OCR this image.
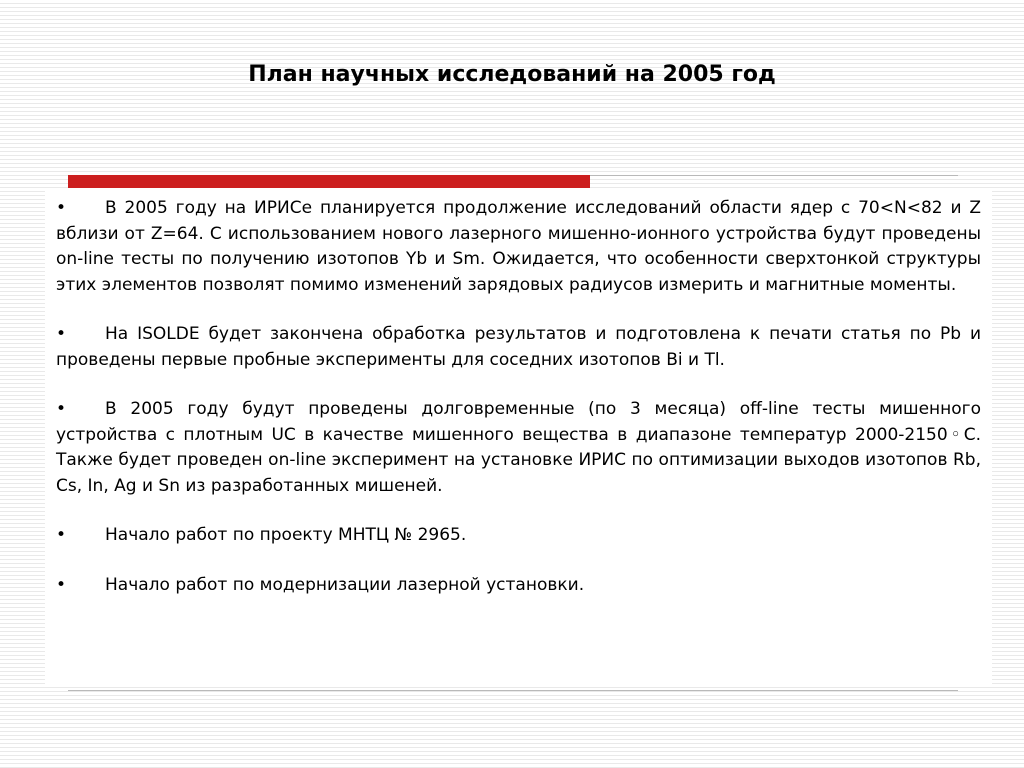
План научных исследований на 2005 год
• В 2005 году на ИРИСе планируется продолжение исследований области ядер с 70<N<82 и Z вблизи от Z=64. С использованием нового лазерного мишенно-ионного устройства будут проведены on-line тесты по получению изотопов Yb и Sm. Ожидается, что особенности сверхтонкой структуры этих элементов позволят помимо изменений зарядовых радиусов измерить и магнитные моменты.
• На ISOLDE будет закончена обработка результатов и подготовлена к печати статья по Pb и проведены первые пробные эксперименты для соседних изотопов Bi и Tl.
• В 2005 году будут проведены долговременные (по 3 месяца) off-line тесты мишенного устройства с плотным UC в качестве мишенного вещества в диапазоне температур 2000-2150◦C. Также будет проведен on-line эксперимент на установке ИРИС по оптимизации выходов изотопов Rb, Cs, In, Ag и Sn из разработанных мишеней.
• Начало работ по проекту МНТЦ № 2965.
• Начало работ по модернизации лазерной установки.
